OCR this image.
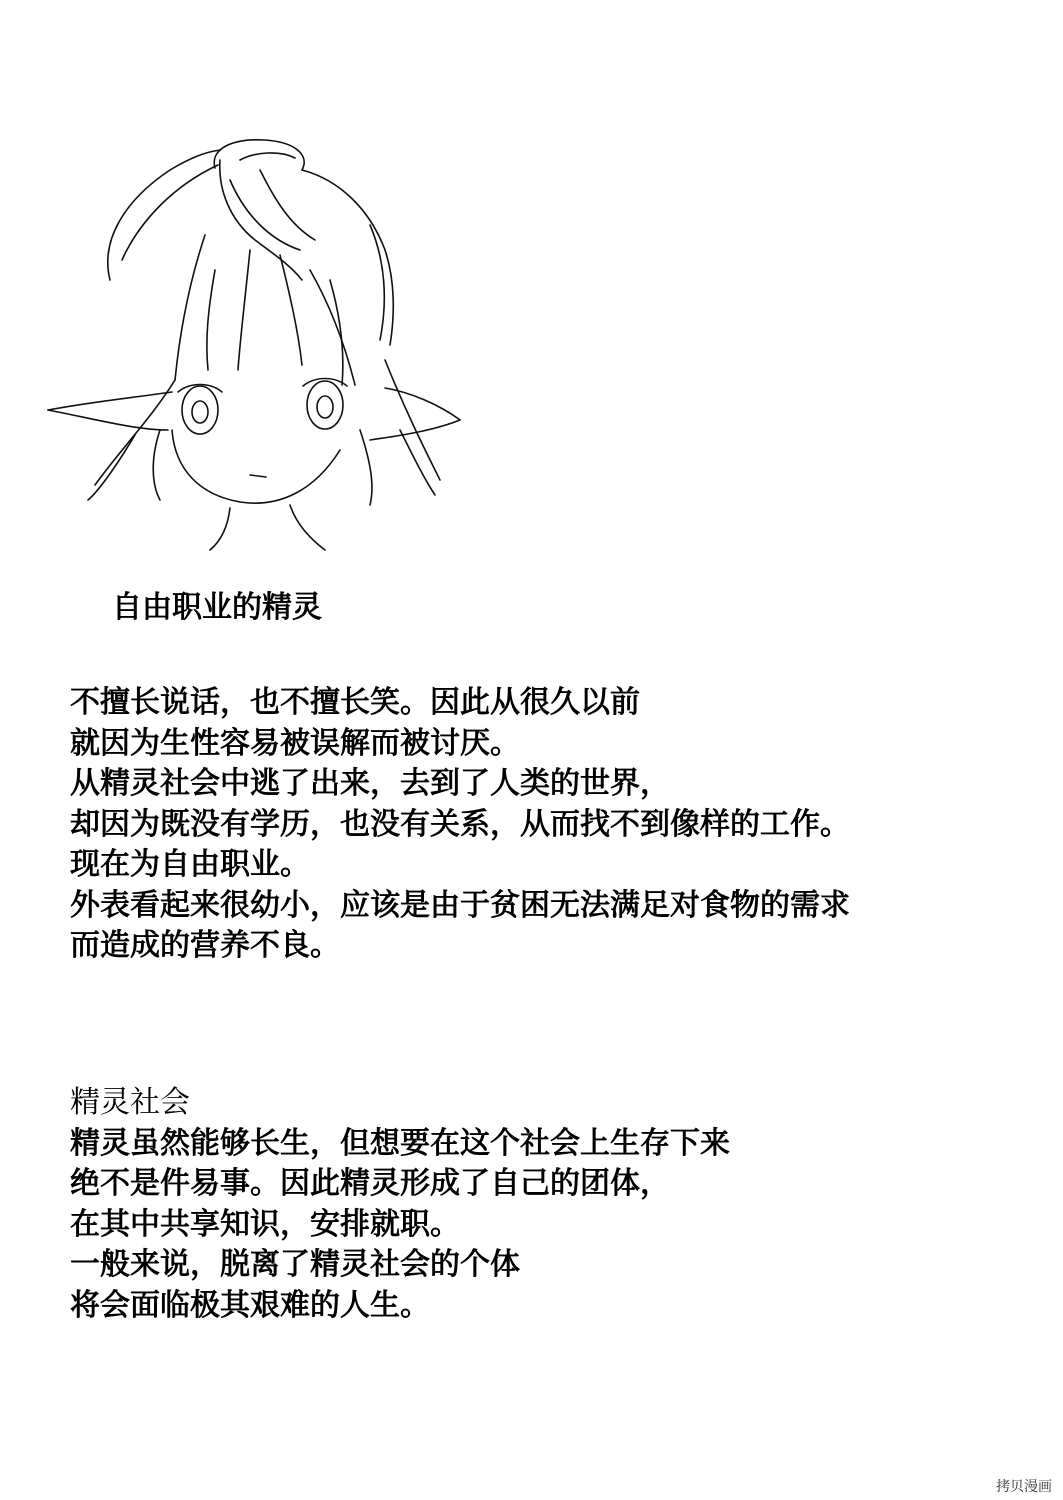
自由职业的精灵
不擅长说话，也不擅长笑。因此从很久以前
就因为生性容易被误解而被讨厌。
从精灵社会中逃了出来，去到了人类的世界，
却因为既没有学历，也没有关系，从而找不到像样的工作。
现在为自由职业。
外表看起来很幼小，应该是由于贫困无法满足对食物的需求
而造成的营养不良。
精灵社会
精灵虽然能够长生，但想要在这个社会上生存下来
绝不是件易事。因此精灵形成了自己的团体，
在其中共享知识，安排就职。
一般来说，脱离了精灵社会的个体
将会面临极其艰难的人生。
拷贝漫画
